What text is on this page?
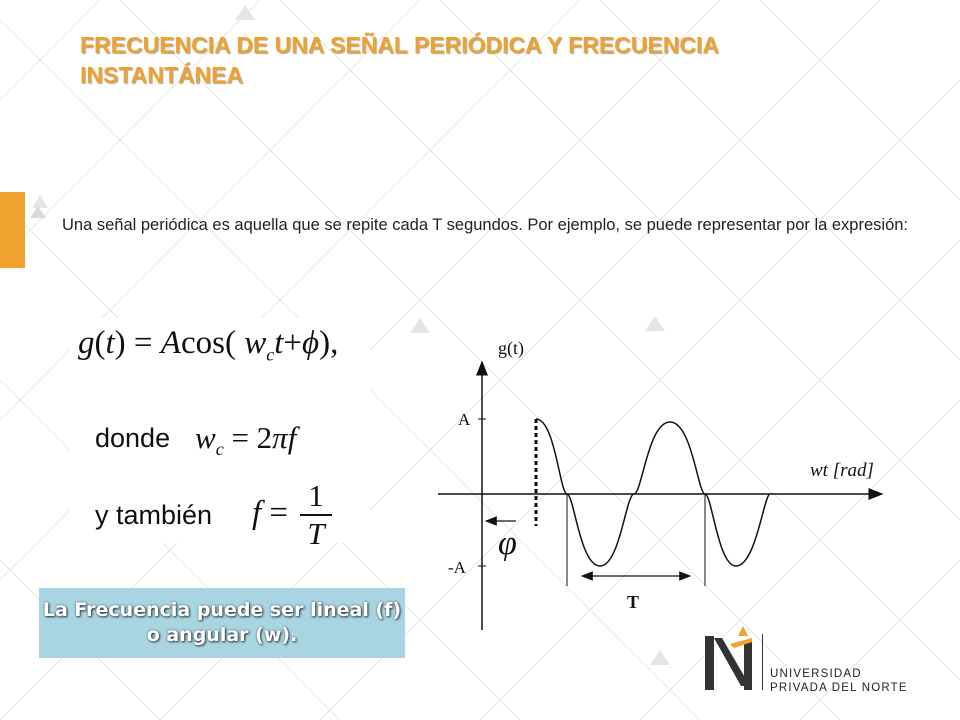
FRECUENCIA DE UNA SEÑAL PERIÓDICA Y FRECUENCIA INSTANTÁNEA

Una señal periódica es aquella que se repite cada T segundos. Por ejemplo, se puede representar por la expresión:

g(t) = Acos( $w_ct+\phi$),
donde $w_c = 2\pi f$
y también $f = \frac{1}{T}$
g(t)
A
-A
wt [rad]
φ
T
La Frecuencia puede ser lineal (f) o angular (w).
UNIVERSIDAD
PRIVADA DEL NORTE
